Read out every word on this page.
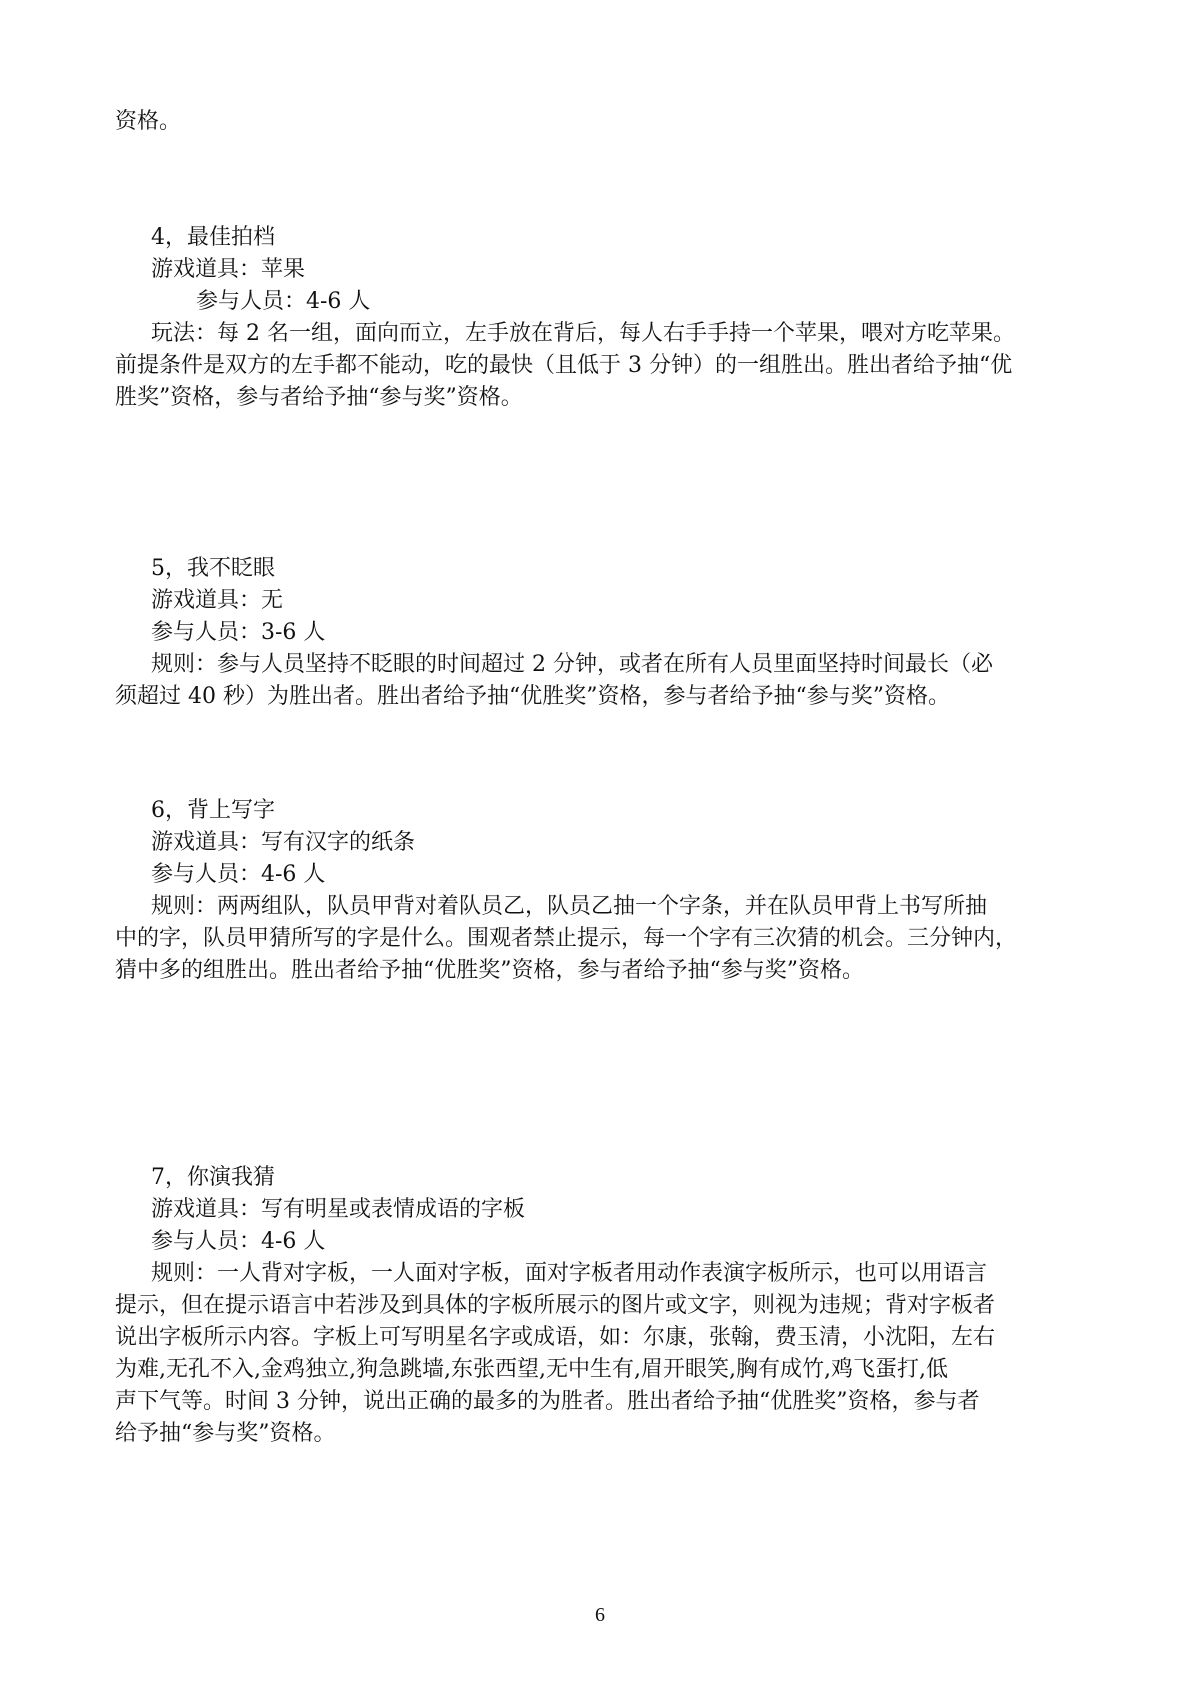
资格。
4，最佳拍档
游戏道具：苹果
参与人员：4-6 人
玩法：每 2 名一组，面向而立，左手放在背后，每人右手手持一个苹果，喂对方吃苹果。
前提条件是双方的左手都不能动，吃的最快（且低于 3 分钟）的一组胜出。胜出者给予抽“优
胜奖”资格，参与者给予抽“参与奖”资格。
5，我不眨眼
游戏道具：无
参与人员：3-6 人
规则：参与人员坚持不眨眼的时间超过 2 分钟，或者在所有人员里面坚持时间最长（必
须超过 40 秒）为胜出者。胜出者给予抽“优胜奖”资格，参与者给予抽“参与奖”资格。
6，背上写字
游戏道具：写有汉字的纸条
参与人员：4-6 人
规则：两两组队，队员甲背对着队员乙，队员乙抽一个字条，并在队员甲背上书写所抽
中的字，队员甲猜所写的字是什么。围观者禁止提示，每一个字有三次猜的机会。三分钟内，
猜中多的组胜出。胜出者给予抽“优胜奖”资格，参与者给予抽“参与奖”资格。
7，你演我猜
游戏道具：写有明星或表情成语的字板
参与人员：4-6 人
规则：一人背对字板，一人面对字板，面对字板者用动作表演字板所示，也可以用语言
提示，但在提示语言中若涉及到具体的字板所展示的图片或文字，则视为违规；背对字板者
说出字板所示内容。字板上可写明星名字或成语，如：尔康，张翰，费玉清，小沈阳，左右
为难,无孔不入,金鸡独立,狗急跳墙,东张西望,无中生有,眉开眼笑,胸有成竹,鸡飞蛋打,低
声下气等。时间 3 分钟，说出正确的最多的为胜者。胜出者给予抽“优胜奖”资格，参与者
给予抽“参与奖”资格。
6
